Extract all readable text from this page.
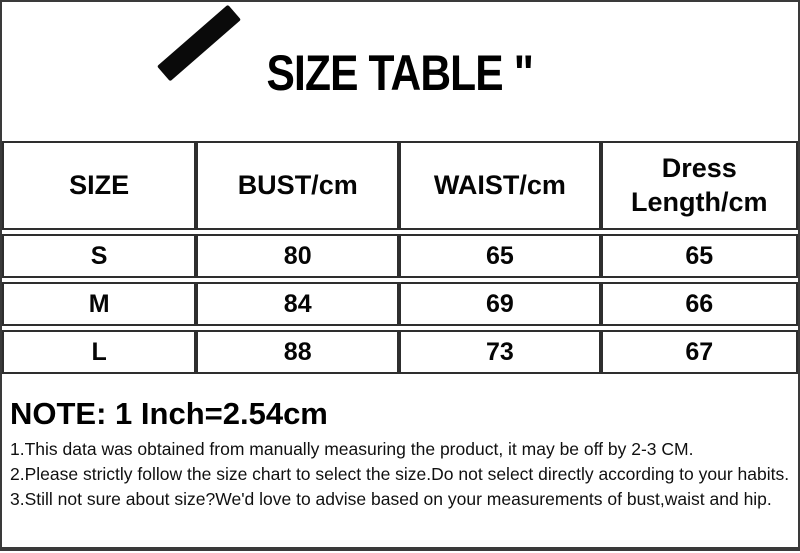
SIZE TABLE "
SIZE	BUST/cm	WAIST/cm	Dress Length/cm
S	80	65	65
M	84	69	66
L	88	73	67
NOTE: 1 Inch=2.54cm

1.This data was obtained from manually measuring the product, it may be off by 2-3 CM.

2.Please strictly follow the size chart to select the size.Do not select directly according to your habits.

3.Still not sure about size?We'd love to advise based on your measurements of bust,waist and hip.
